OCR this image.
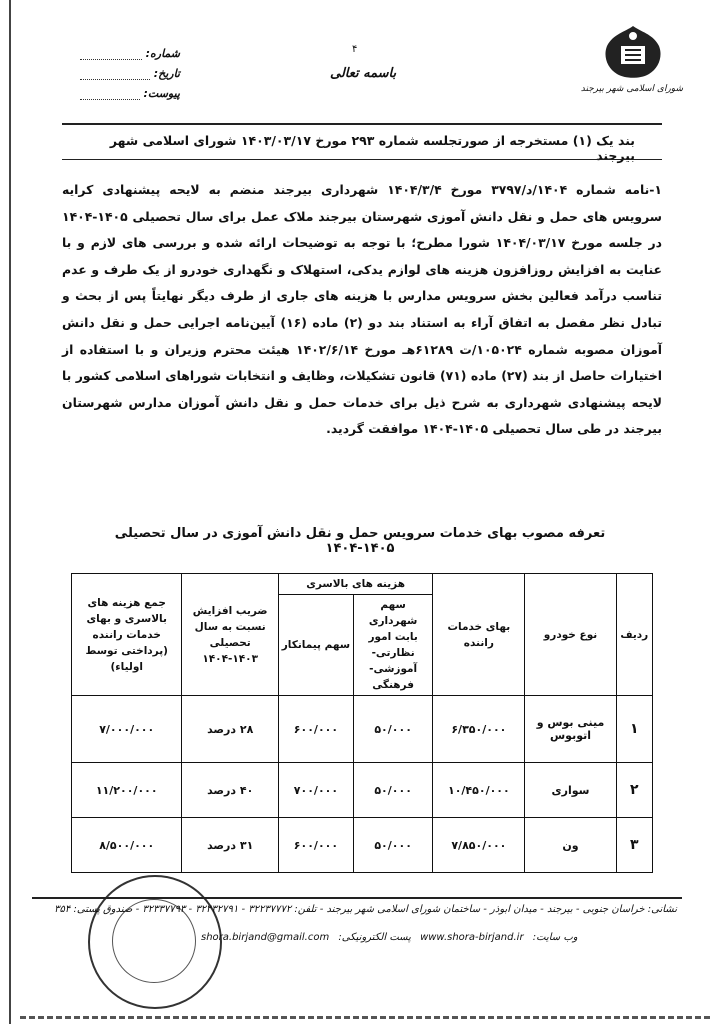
شورای اسلامی شهر بیرجند
۴
باسمه تعالی
شماره:
تاریخ:
پیوست:
بند یک (۱) مستخرجه از صورتجلسه شماره ۲۹۳ مورخ ۱۴۰۳/۰۳/۱۷ شورای اسلامی شهر بیرجند
۱-نامه شماره ۱۴۰۴/د/۳۷۹۷ مورخ ۱۴۰۴/۳/۴ شهرداری بیرجند منضم به لایحه پیشنهادی کرایه سرویس های حمل و نقل دانش آموزی شهرستان بیرجند ملاک عمل برای سال تحصیلی ۱۴۰۵-۱۴۰۴ در جلسه مورخ ۱۴۰۴/۰۳/۱۷ شورا مطرح؛ با توجه به توضیحات ارائه شده و بررسی های لازم و با عنایت به افزایش روزافزون هزینه های لوازم یدکی، استهلاک و نگهداری خودرو از یک طرف و عدم تناسب درآمد فعالین بخش سرویس مدارس با هزینه های جاری از طرف دیگر نهایتاً پس از بحث و تبادل نظر مفصل به اتفاق آراء به استناد بند دو (۲) ماده (۱۶) آیین‌نامه اجرایی حمل و نقل دانش آموزان مصوبه شماره ۱۰۵۰۲۴/ت ۶۱۲۸۹هـ مورخ ۱۴۰۲/۶/۱۴ هیئت محترم وزیران و با استفاده از اختیارات حاصل از بند (۲۷) ماده (۷۱) قانون تشکیلات، وظایف و انتخابات شوراهای اسلامی کشور با لایحه پیشنهادی شهرداری به شرح ذیل برای خدمات حمل و نقل دانش آموزان مدارس شهرستان بیرجند در طی سال تحصیلی ۱۴۰۵-۱۴۰۴ موافقت گردید.
تعرفه مصوب بهای خدمات سرویس حمل و نقل دانش آموزی در سال تحصیلی ۱۴۰۵-۱۴۰۴
ردیف	نوع خودرو	بهای خدمات راننده	هزینه های بالاسری		ضریب افزایش نسبت به سال تحصیلی ۱۴۰۳-۱۴۰۴	جمع هزینه های بالاسری و بهای خدمات راننده (پرداختی توسط اولیاء)
			سهم شهرداری بابت امور نظارتی- آموزشی- فرهنگی	سهم پیمانکار		
۱	مینی بوس و اتوبوس	۶/۳۵۰/۰۰۰	۵۰/۰۰۰	۶۰۰/۰۰۰	۲۸ درصد	۷/۰۰۰/۰۰۰
۲	سواری	۱۰/۴۵۰/۰۰۰	۵۰/۰۰۰	۷۰۰/۰۰۰	۴۰ درصد	۱۱/۲۰۰/۰۰۰
۳	ون	۷/۸۵۰/۰۰۰	۵۰/۰۰۰	۶۰۰/۰۰۰	۳۱ درصد	۸/۵۰۰/۰۰۰
نشانی: خراسان جنوبی - بیرجند - میدان ابوذر - ساختمان شورای اسلامی شهر بیرجند - تلفن: ۳۲۲۳۷۷۷۲ - ۳۲۴۳۲۷۹۱ - ۳۲۳۳۷۷۹۳ - صندوق پستی: ۳۵۴
وب سایت: www.shora-birjand.ir پست الکترونیکی: shora.birjand@gmail.com
